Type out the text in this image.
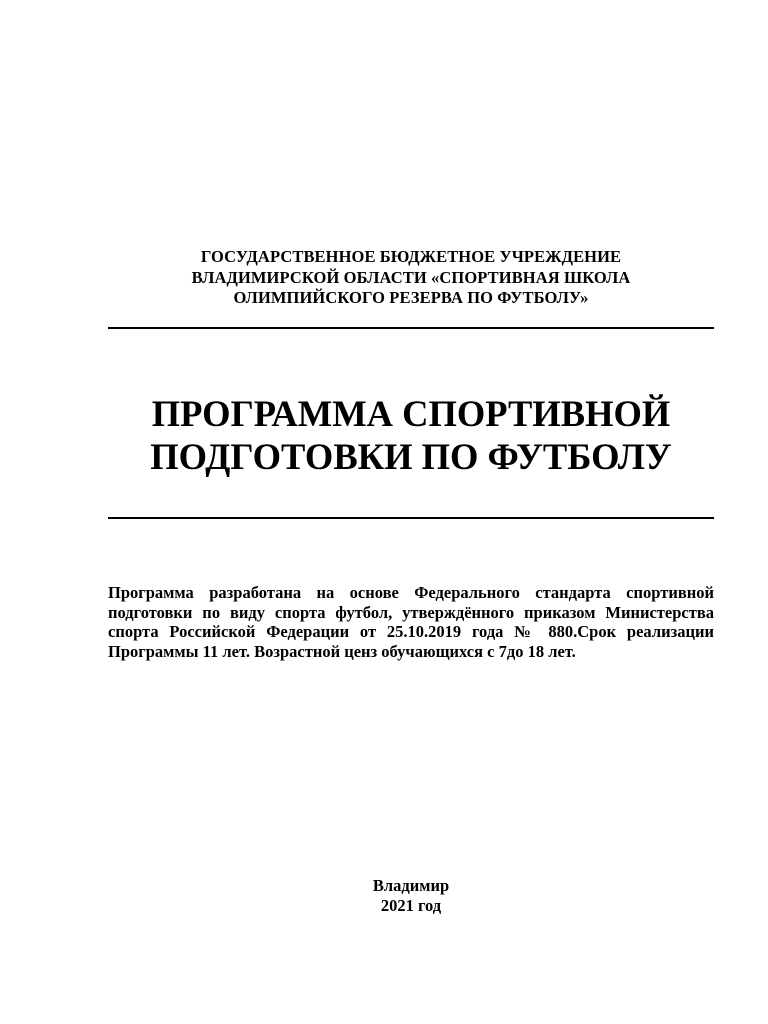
ГОСУДАРСТВЕННОЕ БЮДЖЕТНОЕ УЧРЕЖДЕНИЕ
ВЛАДИМИРСКОЙ ОБЛАСТИ «СПОРТИВНАЯ ШКОЛА
ОЛИМПИЙСКОГО РЕЗЕРВА ПО ФУТБОЛУ»
ПРОГРАММА СПОРТИВНОЙ
ПОДГОТОВКИ ПО ФУТБОЛУ
Программа разработана на основе Федерального стандарта спортивной
подготовки по виду спорта футбол, утверждённого приказом Министерства
спорта Российской Федерации от 25.10.2019 года № 880.Срок реализации
Программы 11 лет. Возрастной ценз обучающихся с 7до 18 лет.
Владимир
2021 год
